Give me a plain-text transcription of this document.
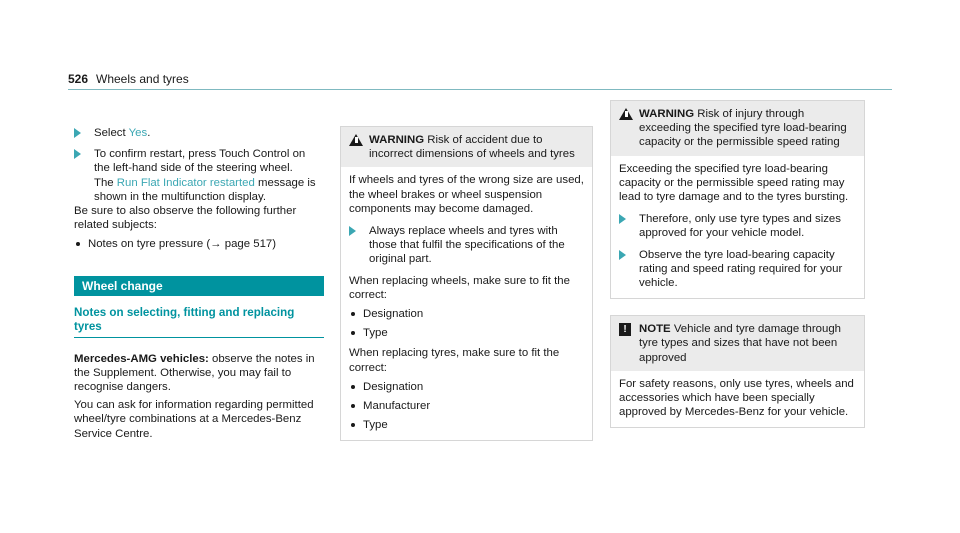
526 Wheels and tyres
Select Yes.
To confirm restart, press Touch Control on the left-hand side of the steering wheel.
The Run Flat Indicator restarted message is shown in the multifunction display.
Be sure to also observe the following further related subjects:
Notes on tyre pressure (→ page 517)
Wheel change
Notes on selecting, fitting and replacing tyres
Mercedes-AMG vehicles: observe the notes in the Supplement. Otherwise, you may fail to recognise dangers.
You can ask for information regarding permitted wheel/tyre combinations at a Mercedes-Benz Service Centre.
WARNING Risk of accident due to incorrect dimensions of wheels and tyres
If wheels and tyres of the wrong size are used, the wheel brakes or wheel suspension components may become damaged.
Always replace wheels and tyres with those that fulfil the specifications of the original part.
When replacing wheels, make sure to fit the correct:
Designation
Type
When replacing tyres, make sure to fit the correct:
Designation
Manufacturer
Type
WARNING Risk of injury through exceeding the specified tyre load-bearing capacity or the permissible speed rating
Exceeding the specified tyre load-bearing capacity or the permissible speed rating may lead to tyre damage and to the tyres bursting.
Therefore, only use tyre types and sizes approved for your vehicle model.
Observe the tyre load-bearing capacity rating and speed rating required for your vehicle.
!	NOTE Vehicle and tyre damage through tyre types and sizes that have not been approved
For safety reasons, only use tyres, wheels and accessories which have been specially approved by Mercedes-Benz for your vehicle.
